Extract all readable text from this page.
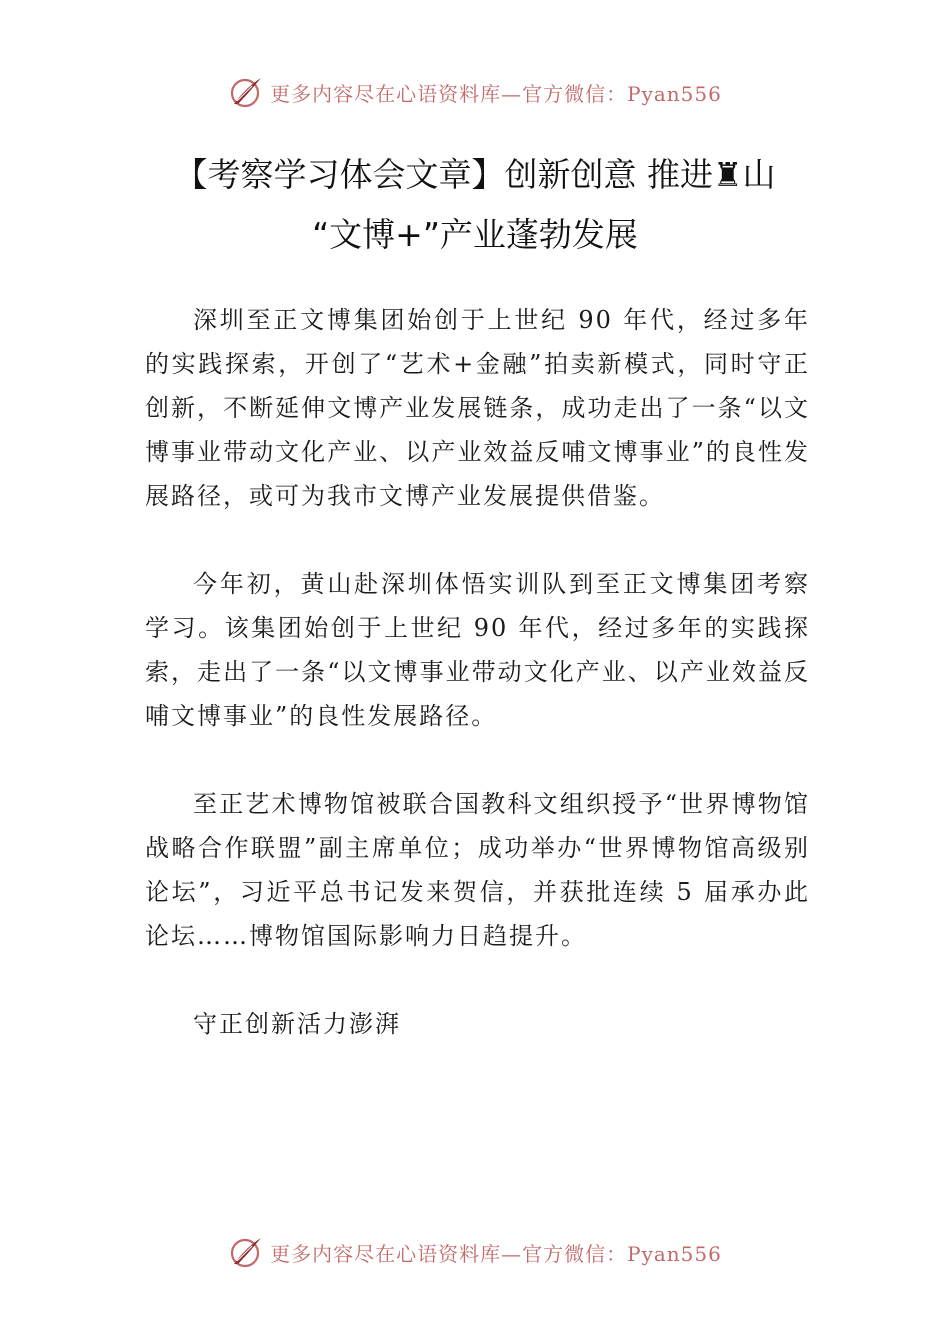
更多内容尽在心语资料库—官方微信：Pyan556
【考察学习体会文章】创新创意 推进♜山
“文博+”产业蓬勃发展

深圳至正文博集团始创于上世纪 90 年代，经过多年的实践探索，开创了“艺术+金融”拍卖新模式，同时守正创新，不断延伸文博产业发展链条，成功走出了一条“以文博事业带动文化产业、以产业效益反哺文博事业”的良性发展路径，或可为我市文博产业发展提供借鉴。

今年初，黄山赴深圳体悟实训队到至正文博集团考察学习。该集团始创于上世纪 90 年代，经过多年的实践探索，走出了一条“以文博事业带动文化产业、以产业效益反哺文博事业”的良性发展路径。

至正艺术博物馆被联合国教科文组织授予“世界博物馆战略合作联盟”副主席单位；成功举办“世界博物馆高级别论坛”，习近平总书记发来贺信，并获批连续 5 届承办此论坛……博物馆国际影响力日趋提升。

守正创新活力澎湃

更多内容尽在心语资料库—官方微信：Pyan556
